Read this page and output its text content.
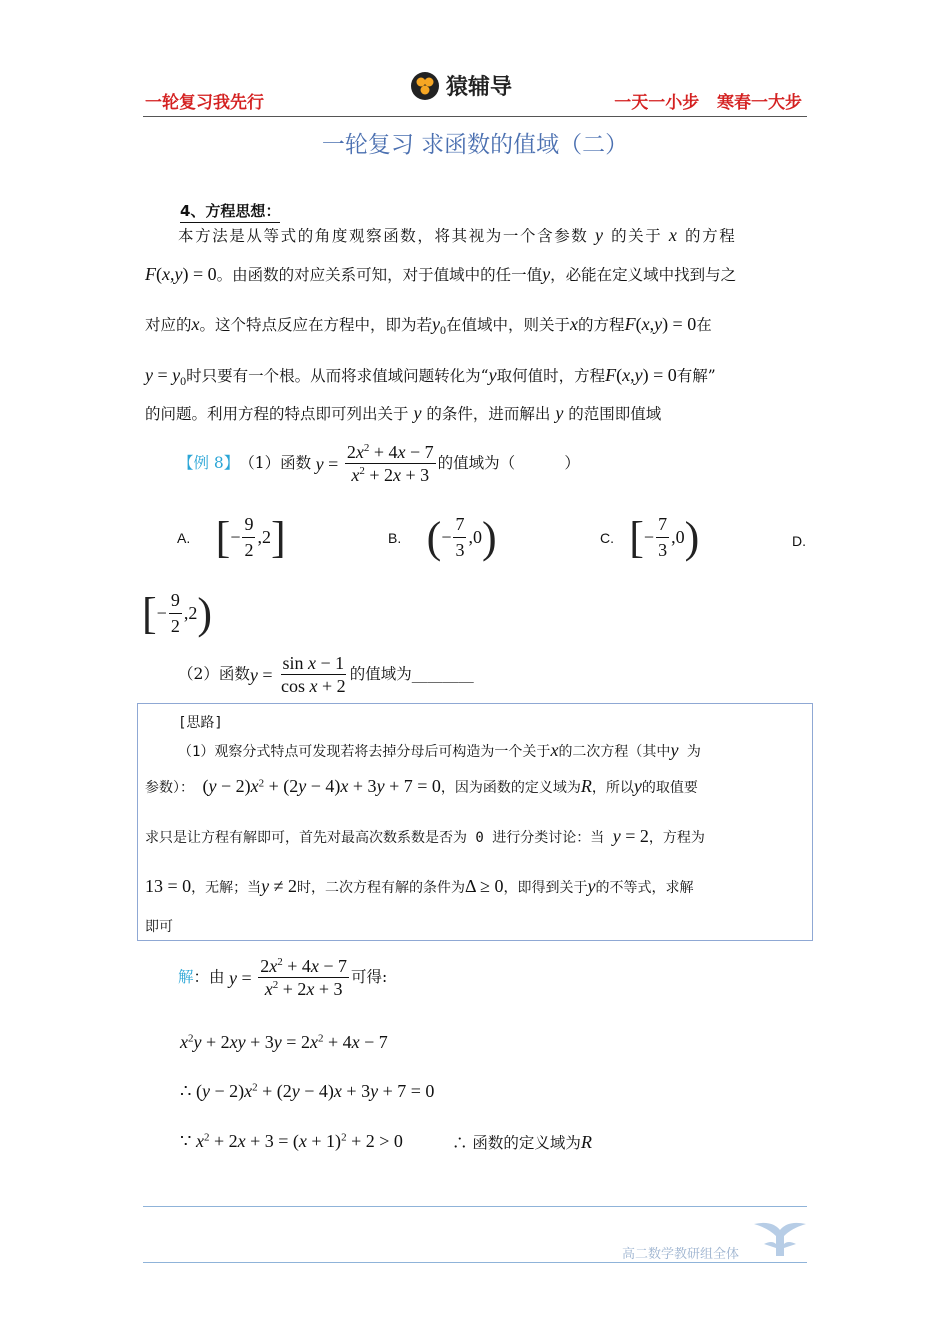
一轮复习我先行
猿辅导
一天一小步   寒春一大步
一轮复习 求函数的值域（二）
4、方程思想：
本方法是从等式的角度观察函数，将其视为一个含参数 y 的关于 x 的方程
F(x,y) = 0。由函数的对应关系可知，对于值域中的任一值y，必能在定义域中找到与之
对应的x。这个特点反应在方程中，即为若$y_0$在值域中，则关于x的方程F(x,y) = 0在
$y = y_0$时只要有一个根。从而将求值域问题转化为“y取何值时，方程F(x,y) = 0有解”
的问题。利用方程的特点即可列出关于 y 的条件，进而解出 y 的范围即值域
【例 8】 （1）函数 $y = \frac{2x^2 + 4x - 7}{x^2 + 2x + 3}$ 的值域为（          ）
A.
[ − $\frac{9}{2} ,2$ ]	B.
( − $\frac{7}{3} ,0$ )	C.
[ − $\frac{7}{3} ,0$ )	D.
[ − $\frac{9}{2} ,2$ )
（2）函数 $y = \frac{\text{sin x − 1}}{\text{cos x + 2}}$ 的值域为________
[思路]
（1）观察分式特点可发现若将去掉分母后可构造为一个关于x的二次方程（其中y 为
参数）： $(y - 2)x^2 + (2y - 4)x + 3y + 7 = 0$，因为函数的定义域为R，所以y的取值要
求只是让方程有解即可，首先对最高次数系数是否为 0 进行分类讨论：当 y = 2，方程为
13 = 0，无解；当y ≠ 2时，二次方程有解的条件为Δ ≥ 0，即得到关于y的不等式，求解
即可
解 ：由 $y = \frac{2x^2 + 4x - 7}{x^2 + 2x + 3}$ 可得:
$x^2y + 2xy + 3y = 2x^2 + 4x - 7$
∴ $(y - 2)x^2 + (2y - 4)x + 3y + 7 = 0$
∵ $x^2 + 2x + 3 = (x + 1)^2 + 2 > 0$	∴ 函数的定义域为R
高二数学教研组全体
